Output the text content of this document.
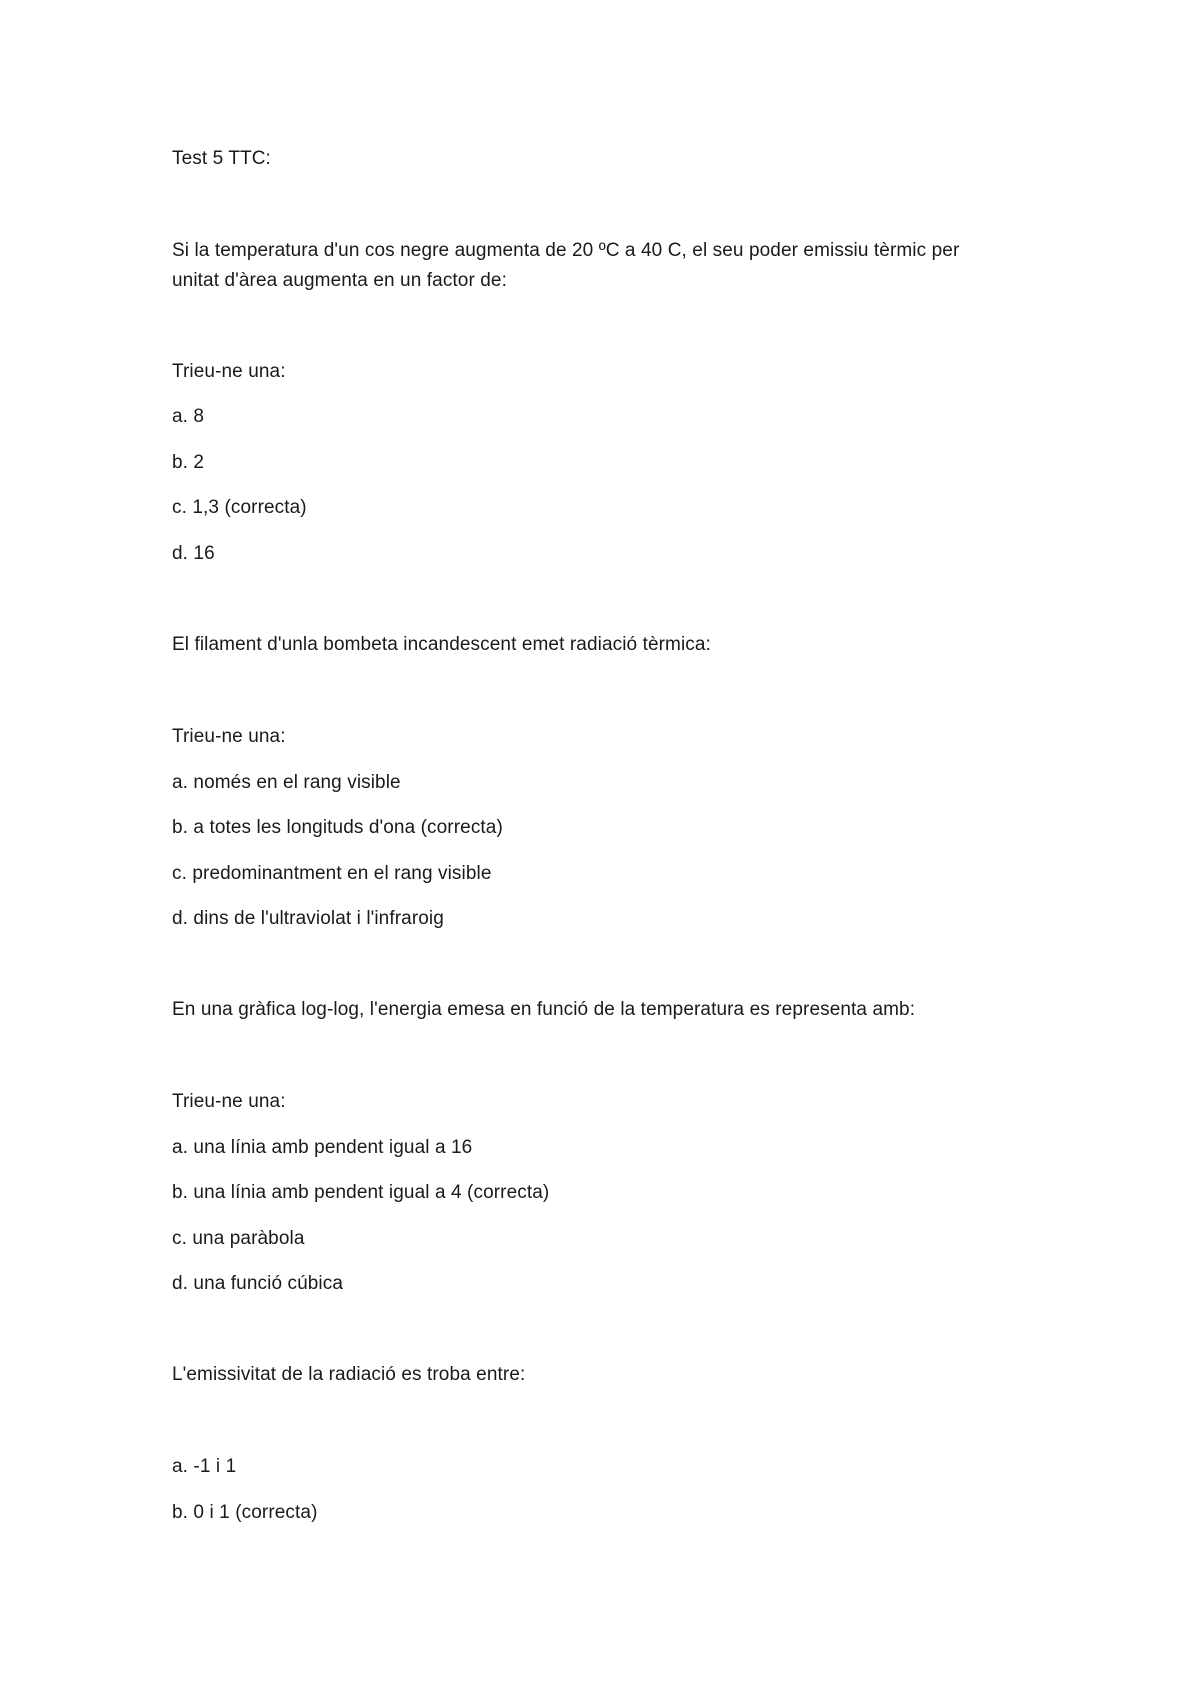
Test 5 TTC:
Si la temperatura d'un cos negre augmenta de 20 ºC a 40 C, el seu poder emissiu tèrmic per
unitat d'àrea augmenta en un factor de:
Trieu-ne una:
a. 8
b. 2
c. 1,3 (correcta)
d. 16
El filament d'unla bombeta incandescent emet radiació tèrmica:
Trieu-ne una:
a. només en el rang visible
b. a totes les longituds d'ona (correcta)
c. predominantment en el rang visible
d. dins de l'ultraviolat i l'infraroig
En una gràfica log-log, l'energia emesa en funció de la temperatura es representa amb:
Trieu-ne una:
a. una línia amb pendent igual a 16
b. una línia amb pendent igual a 4 (correcta)
c. una paràbola
d. una funció cúbica
L'emissivitat de la radiació es troba entre:
a. -1 i 1
b. 0 i 1 (correcta)
